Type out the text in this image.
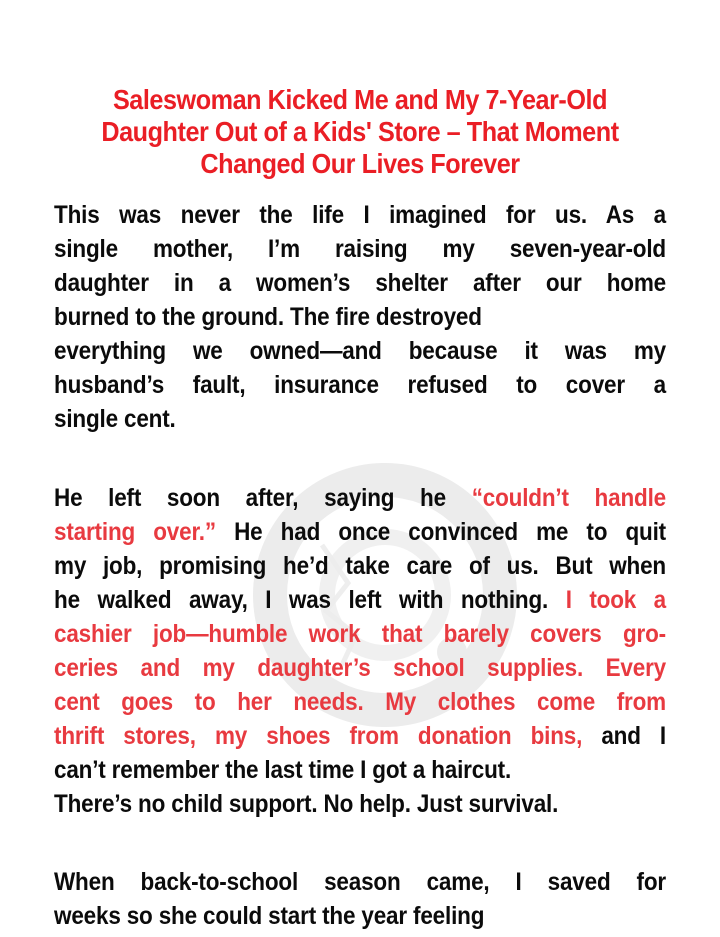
Saleswoman Kicked Me and My 7-Year-Old
Daughter Out of a Kids' Store – That Moment
Changed Our Lives Forever
This was never the life I imagined for us. As a
single mother, I’m raising my seven-year-old
daughter in a women’s shelter after our home
burned to the ground. The fire destroyed
everything we owned—and because it was my
husband’s fault, insurance refused to cover a
single cent.
He left soon after, saying he “couldn’t handle
starting over.” He had once convinced me to quit
my job, promising he’d take care of us. But when
he walked away, I was left with nothing. I took a
cashier job—humble work that barely covers gro-
ceries and my daughter’s school supplies. Every
cent goes to her needs. My clothes come from
thrift stores, my shoes from donation bins, and I
can’t remember the last time I got a haircut.
There’s no child support. No help. Just survival.
When back-to-school season came, I saved for
weeks so she could start the year feeling
